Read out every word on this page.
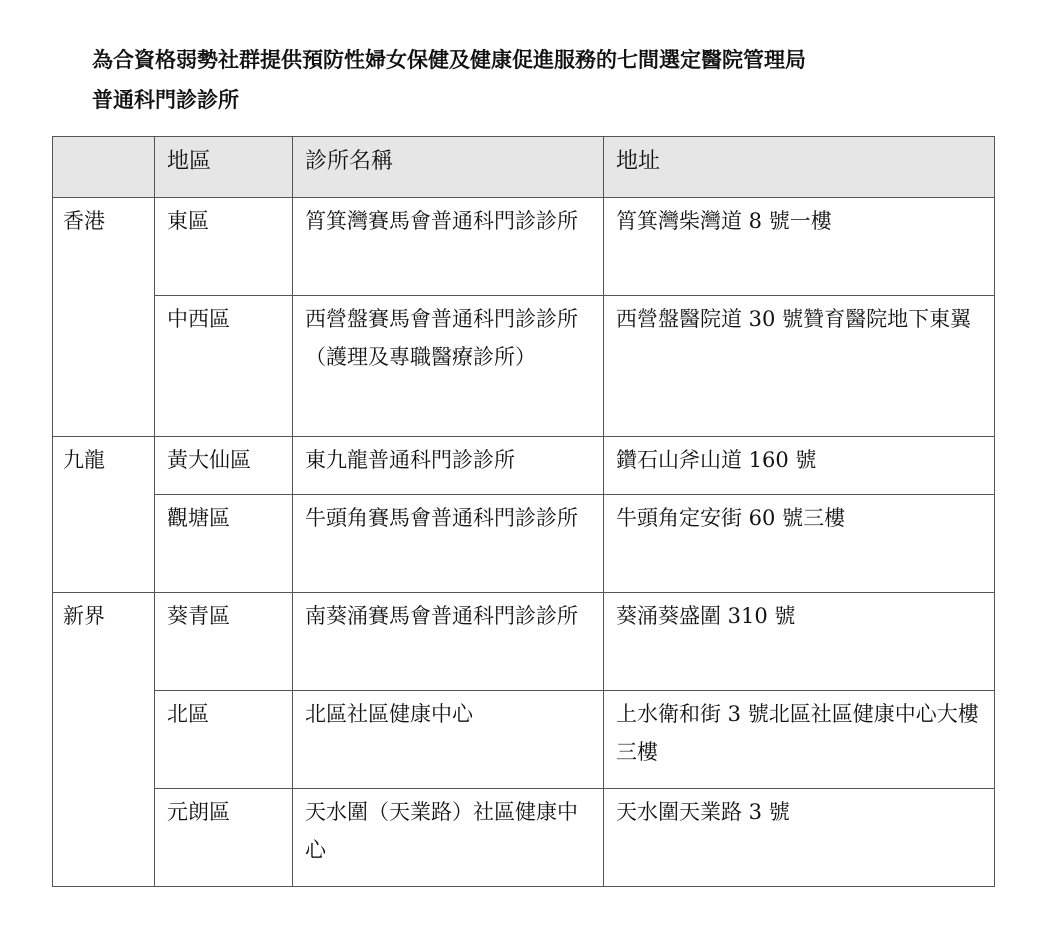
為合資格弱勢社群提供預防性婦女保健及健康促進服務的七間選定醫院管理局
普通科門診診所
	地區	診所名稱	地址
香港	東區	筲箕灣賽馬會普通科門診診所	筲箕灣柴灣道 8 號一樓
	中西區	西營盤賽馬會普通科門診診所（護理及專職醫療診所）	西營盤醫院道 30 號贊育醫院地下東翼
九龍	黃大仙區	東九龍普通科門診診所	鑽石山斧山道 160 號
	觀塘區	牛頭角賽馬會普通科門診診所	牛頭角定安街 60 號三樓
新界	葵青區	南葵涌賽馬會普通科門診診所	葵涌葵盛圍 310 號
	北區	北區社區健康中心	上水衛和街 3 號北區社區健康中心大樓三樓
	元朗區	天水圍（天業路）社區健康中心	天水圍天業路 3 號
